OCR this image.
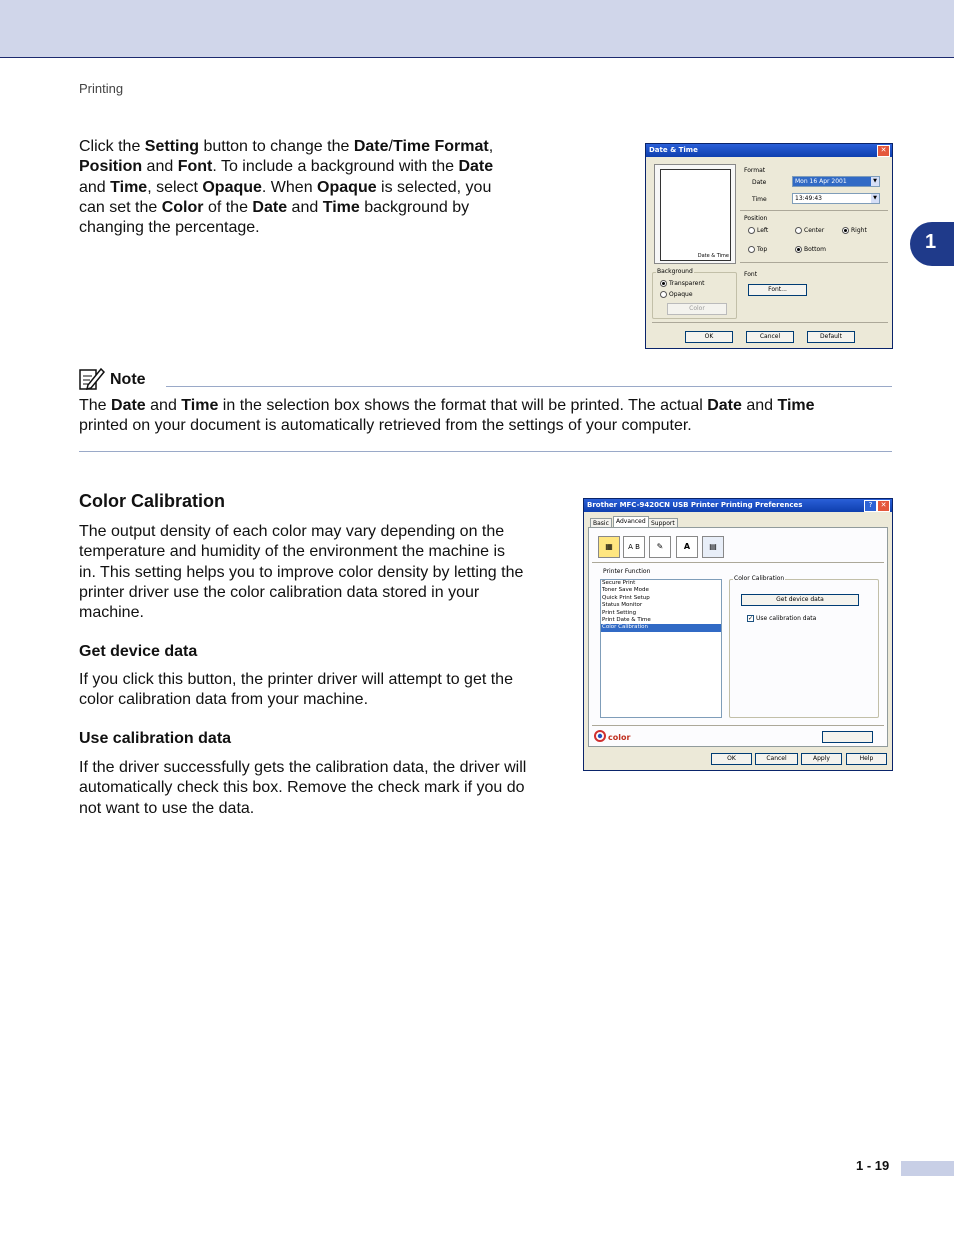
Printing
1

Click the Setting button to change the Date/Time Format,
Position and Font. To include a background with the Date
and Time, select Opaque. When Opaque is selected, you
can set the Color of the Date and Time background by
changing the percentage.

Date & Time	✕
Date & Time
Background
Transparent
Opaque
Color
Format
Date	Mon 16 Apr 2001	▼
Time	13:49:43	▼
Position
Left	Center	Right
Top	Bottom
Font
Font...
OK	Cancel	Default
Note

The Date and Time in the selection box shows the format that will be printed. The actual Date and Time
printed on your document is automatically retrieved from the settings of your computer.

Color Calibration

The output density of each color may vary depending on the
temperature and humidity of the environment the machine is
in. This setting helps you to improve color density by letting the
printer driver use the color calibration data stored in your
machine.

Get device data

If you click this button, the printer driver will attempt to get the
color calibration data from your machine.

Use calibration data

If the driver successfully gets the calibration data, the driver will
automatically check this box. Remove the check mark if you do
not want to use the data.

Brother MFC-9420CN USB Printer Printing Preferences	?	✕
Basic	Advanced Support
▦	A B	✎	A	▤
Printer Function
Secure Print
Toner Save Mode
Quick Print Setup
Status Monitor
Print Setting
Print Date & Time
Color Calibration
Color Calibration
Get device data
✓ Use calibration data
color
OK	Cancel	Apply	Help
1 - 19
